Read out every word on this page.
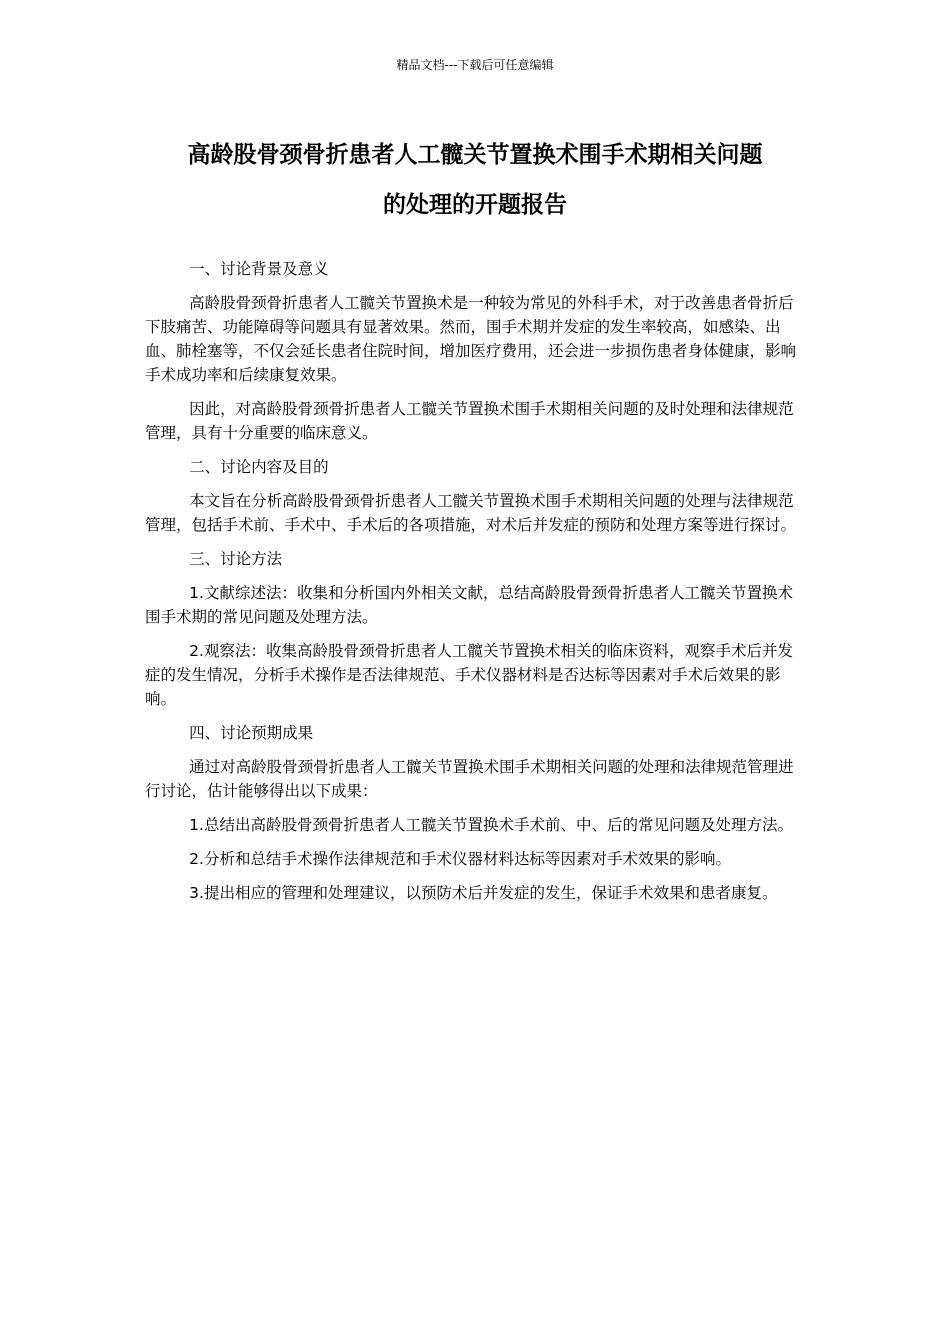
精品文档---下载后可任意编辑
高龄股骨颈骨折患者人工髋关节置换术围手术期相关问题
的处理的开题报告

一、讨论背景及意义

高龄股骨颈骨折患者人工髋关节置换术是一种较为常见的外科手术，对于改善患者骨折后下肢痛苦、功能障碍等问题具有显著效果。然而，围手术期并发症的发生率较高，如感染、出血、肺栓塞等，不仅会延长患者住院时间，增加医疗费用，还会进一步损伤患者身体健康，影响手术成功率和后续康复效果。

因此，对高龄股骨颈骨折患者人工髋关节置换术围手术期相关问题的及时处理和法律规范管理，具有十分重要的临床意义。

二、讨论内容及目的

本文旨在分析高龄股骨颈骨折患者人工髋关节置换术围手术期相关问题的处理与法律规范管理，包括手术前、手术中、手术后的各项措施，对术后并发症的预防和处理方案等进行探讨。

三、讨论方法

1.文献综述法：收集和分析国内外相关文献，总结高龄股骨颈骨折患者人工髋关节置换术围手术期的常见问题及处理方法。

2.观察法：收集高龄股骨颈骨折患者人工髋关节置换术相关的临床资料，观察手术后并发症的发生情况，分析手术操作是否法律规范、手术仪器材料是否达标等因素对手术后效果的影响。

四、讨论预期成果

通过对高龄股骨颈骨折患者人工髋关节置换术围手术期相关问题的处理和法律规范管理进行讨论，估计能够得出以下成果：

1.总结出高龄股骨颈骨折患者人工髋关节置换术手术前、中、后的常见问题及处理方法。

2.分析和总结手术操作法律规范和手术仪器材料达标等因素对手术效果的影响。

3.提出相应的管理和处理建议，以预防术后并发症的发生，保证手术效果和患者康复。
